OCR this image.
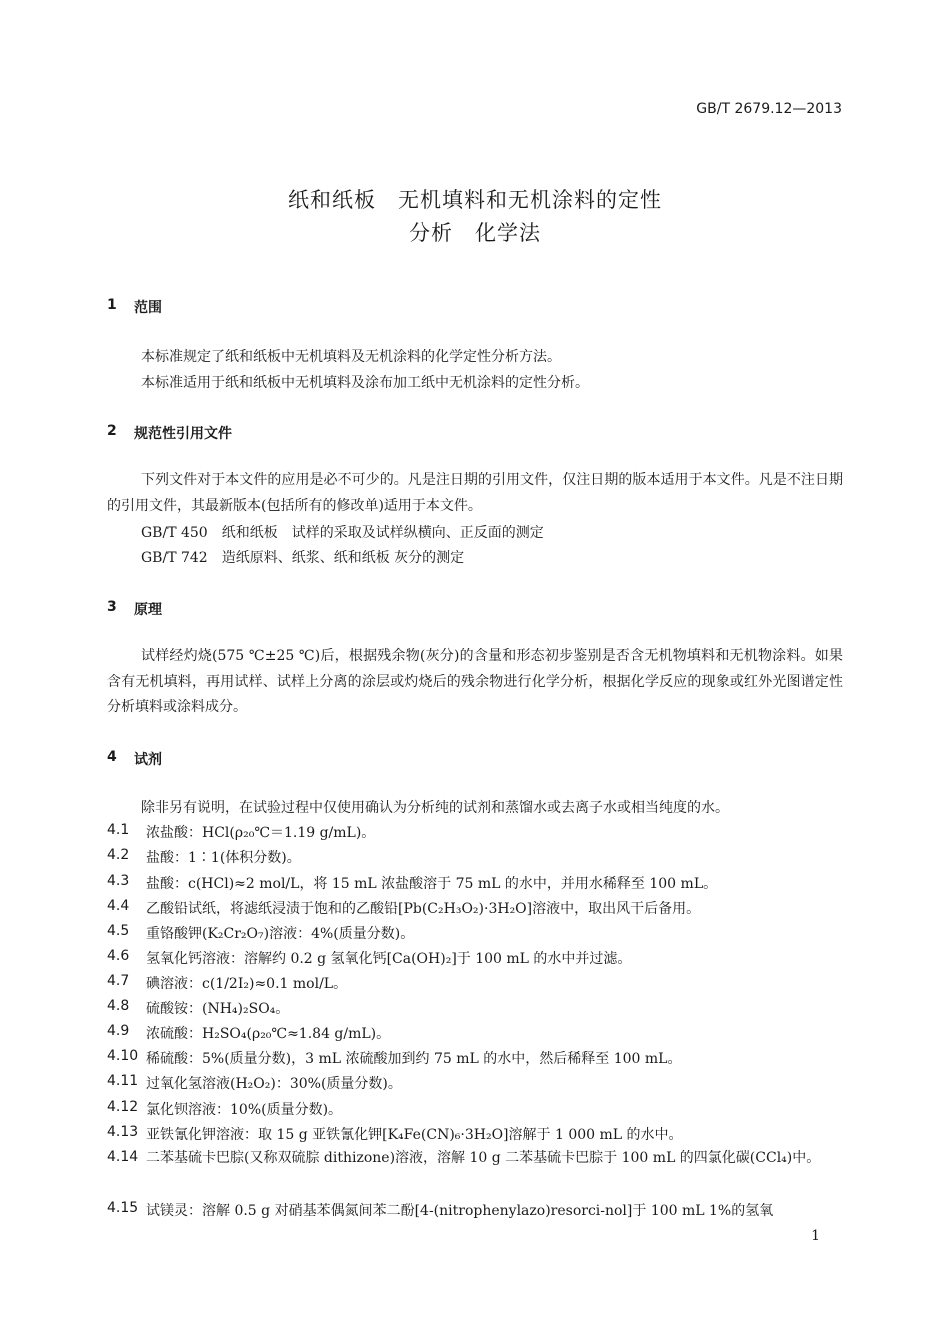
GB/T 2679.12—2013
纸和纸板　无机填料和无机涂料的定性
分析　化学法
1 范围
本标准规定了纸和纸板中无机填料及无机涂料的化学定性分析方法。
本标准适用于纸和纸板中无机填料及涂布加工纸中无机涂料的定性分析。
2 规范性引用文件
下列文件对于本文件的应用是必不可少的。凡是注日期的引用文件，仅注日期的版本适用于本文件。凡是不注日期的引用文件，其最新版本(包括所有的修改单)适用于本文件。
GB/T 450　纸和纸板　试样的采取及试样纵横向、正反面的测定
GB/T 742　造纸原料、纸浆、纸和纸板 灰分的测定
3 原理
试样经灼烧(575 ℃±25 ℃)后，根据残余物(灰分)的含量和形态初步鉴别是否含无机物填料和无机物涂料。如果含有无机填料，再用试样、试样上分离的涂层或灼烧后的残余物进行化学分析，根据化学反应的现象或红外光图谱定性分析填料或涂料成分。
4 试剂
除非另有说明，在试验过程中仅使用确认为分析纯的试剂和蒸馏水或去离子水或相当纯度的水。
4.1 浓盐酸：HCl(ρ₂₀℃＝1.19 g/mL)。
4.2 盐酸：1∶1(体积分数)。
4.3 盐酸：c(HCl)≈2 mol/L，将 15 mL 浓盐酸溶于 75 mL 的水中，并用水稀释至 100 mL。
4.4 乙酸铅试纸，将滤纸浸渍于饱和的乙酸铅[Pb(C₂H₃O₂)·3H₂O]溶液中，取出风干后备用。
4.5 重铬酸钾(K₂Cr₂O₇)溶液：4%(质量分数)。
4.6 氢氧化钙溶液：溶解约 0.2 g 氢氧化钙[Ca(OH)₂]于 100 mL 的水中并过滤。
4.7 碘溶液：c(1/2I₂)≈0.1 mol/L。
4.8 硫酸铵：(NH₄)₂SO₄。
4.9 浓硫酸：H₂SO₄(ρ₂₀℃≈1.84 g/mL)。
4.10 稀硫酸：5%(质量分数)，3 mL 浓硫酸加到约 75 mL 的水中，然后稀释至 100 mL。
4.11 过氧化氢溶液(H₂O₂)：30%(质量分数)。
4.12 氯化钡溶液：10%(质量分数)。
4.13 亚铁氰化钾溶液：取 15 g 亚铁氰化钾[K₄Fe(CN)₆·3H₂O]溶解于 1 000 mL 的水中。
4.14 二苯基硫卡巴腙(又称双硫腙 dithizone)溶液，溶解 10 g 二苯基硫卡巴腙于 100 mL 的四氯化碳(CCl₄)中。
4.15 试镁灵：溶解 0.5 g 对硝基苯偶氮间苯二酚[4-(nitrophenylazo)resorci-nol]于 100 mL 1%的氢氧
1
